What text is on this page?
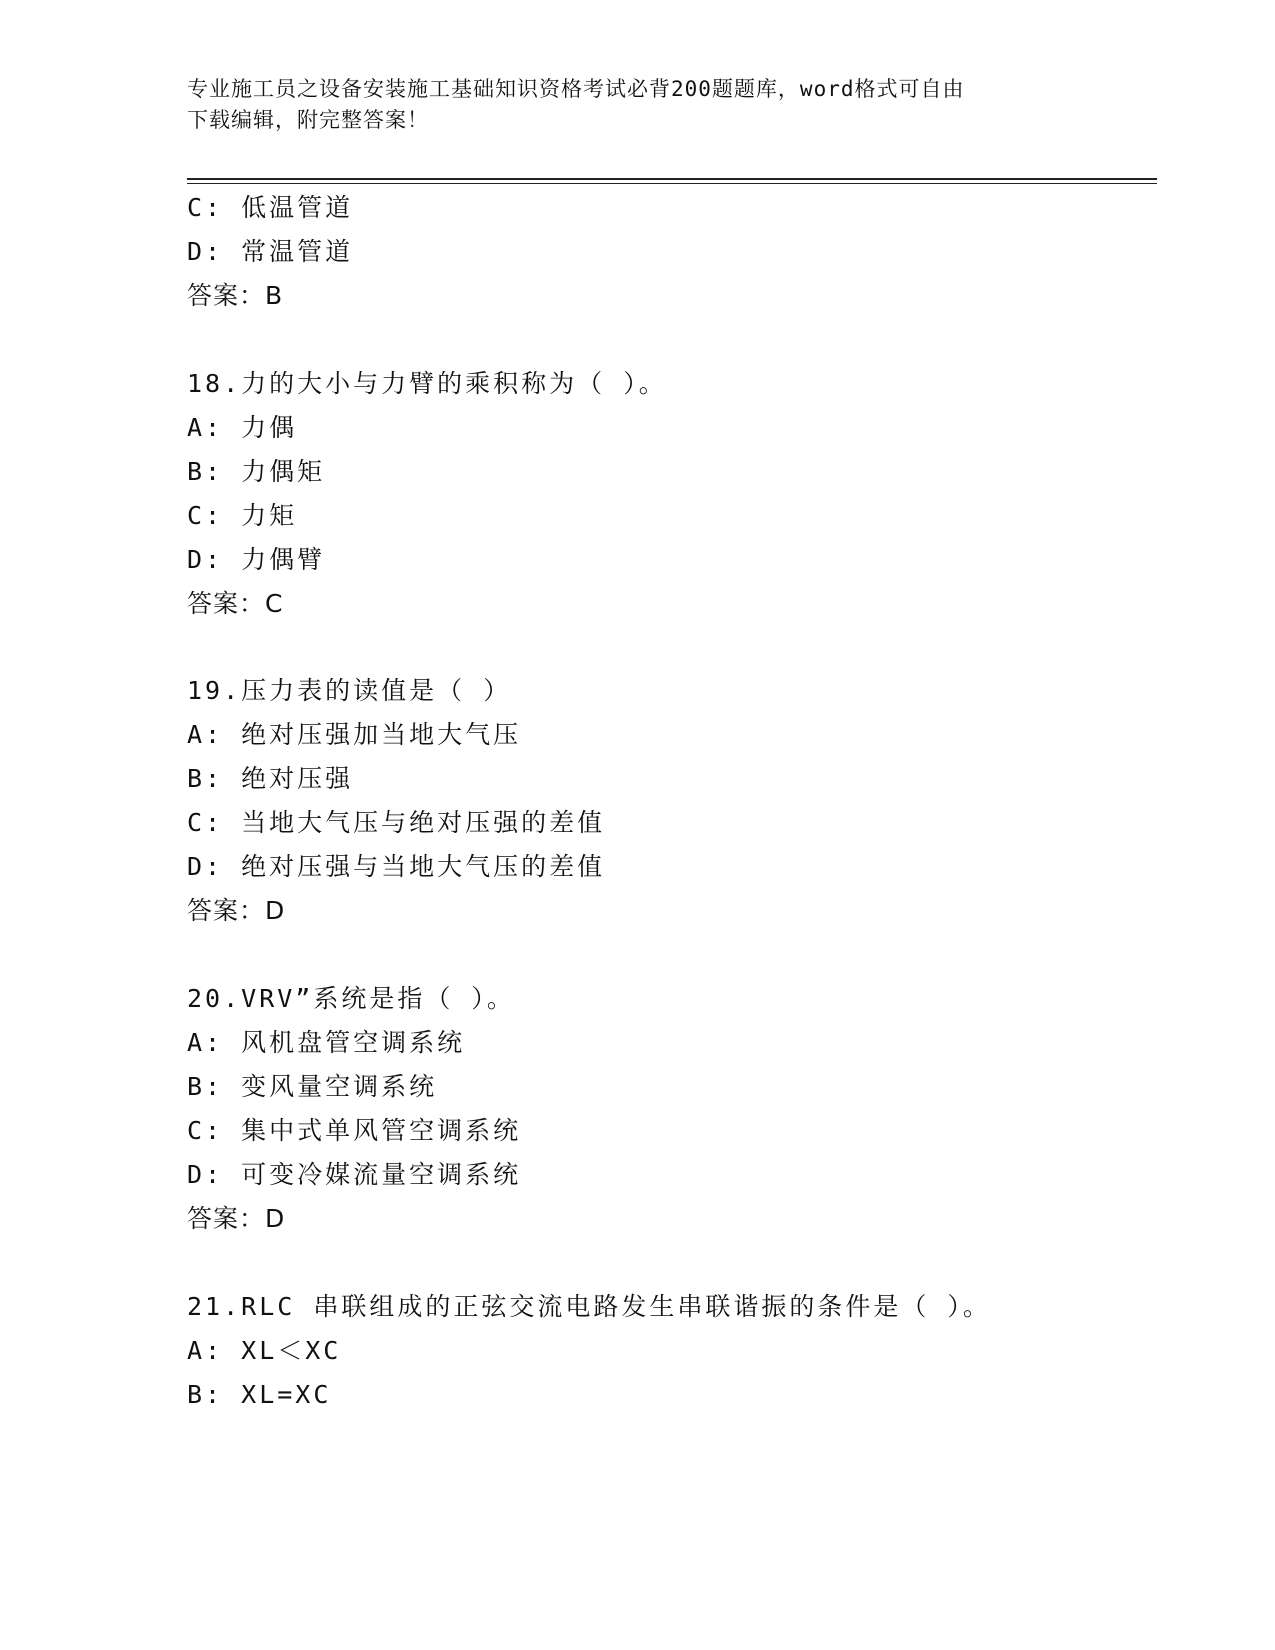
专业施工员之设备安装施工基础知识资格考试必背200题题库，word格式可自由
下载编辑，附完整答案！
C: 低温管道
D: 常温管道
答案：B
18.力的大小与力臂的乘积称为（ ）。
A: 力偶
B: 力偶矩
C: 力矩
D: 力偶臂
答案：C
19.压力表的读值是（ ）
A: 绝对压强加当地大气压
B: 绝对压强
C: 当地大气压与绝对压强的差值
D: 绝对压强与当地大气压的差值
答案：D
20.VRV”系统是指（ ）。
A: 风机盘管空调系统
B: 变风量空调系统
C: 集中式单风管空调系统
D: 可变冷媒流量空调系统
答案：D
21.RLC 串联组成的正弦交流电路发生串联谐振的条件是（ ）。
A: XL＜XC
B: XL=XC
